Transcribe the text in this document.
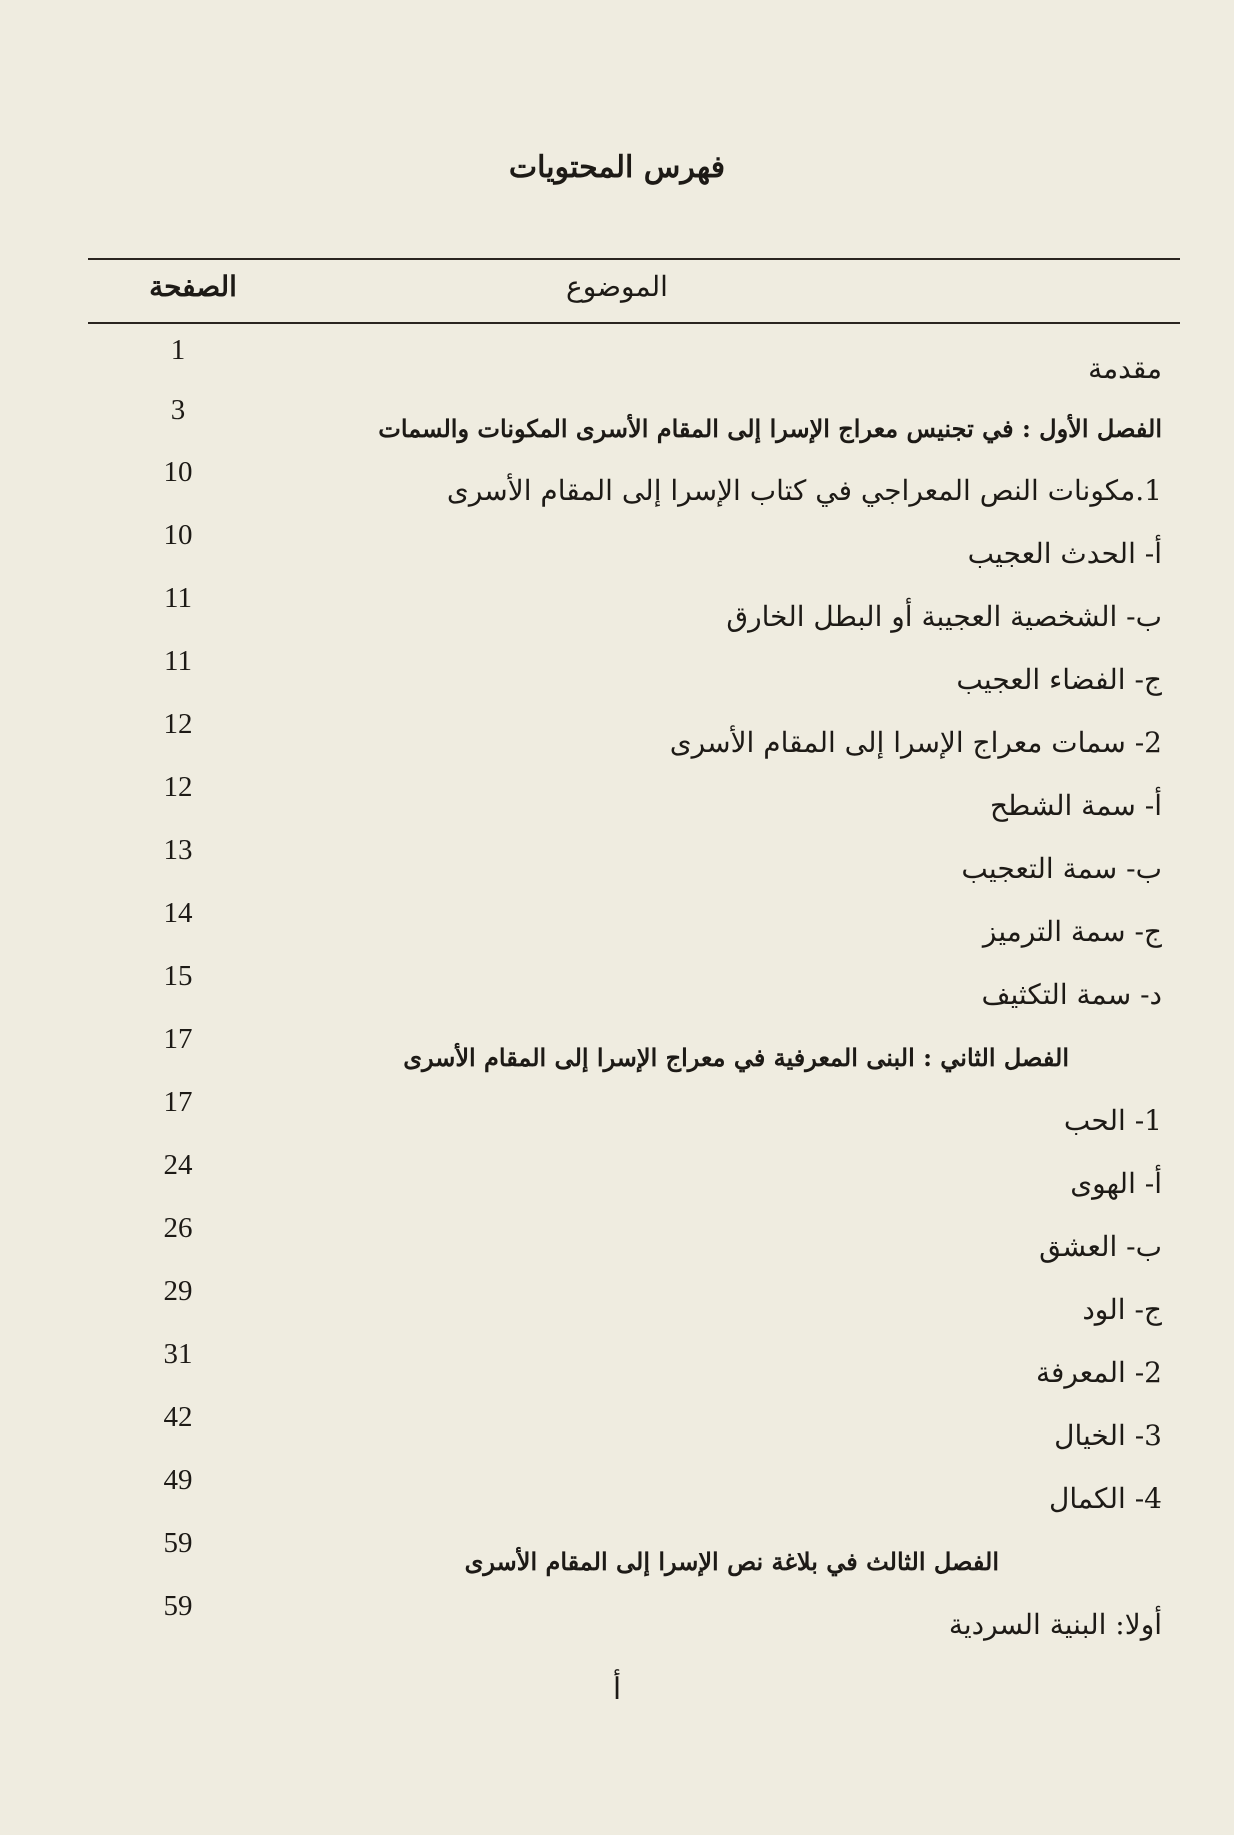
فهرس المحتويات
الموضوع
الصفحة
مقدمة
1
الفصل الأول : في تجنيس معراج الإسرا إلى المقام الأسرى المكونات والسمات
3
1.مكونات النص المعراجي في كتاب الإسرا إلى المقام الأسرى
10
أ- الحدث العجيب
10
ب- الشخصية العجيبة أو البطل الخارق
11
ج- الفضاء العجيب
11
2- سمات معراج الإسرا إلى المقام الأسرى
12
أ- سمة الشطح
12
ب- سمة التعجيب
13
ج- سمة الترميز
14
د- سمة التكثيف
15
الفصل الثاني : البنى المعرفية في معراج الإسرا إلى المقام الأسرى
17
1- الحب
17
أ- الهوى
24
ب- العشق
26
ج- الود
29
2- المعرفة
31
3- الخيال
42
4- الكمال
49
الفصل الثالث في بلاغة نص الإسرا إلى المقام الأسرى
59
أولا: البنية السردية
59
أ
